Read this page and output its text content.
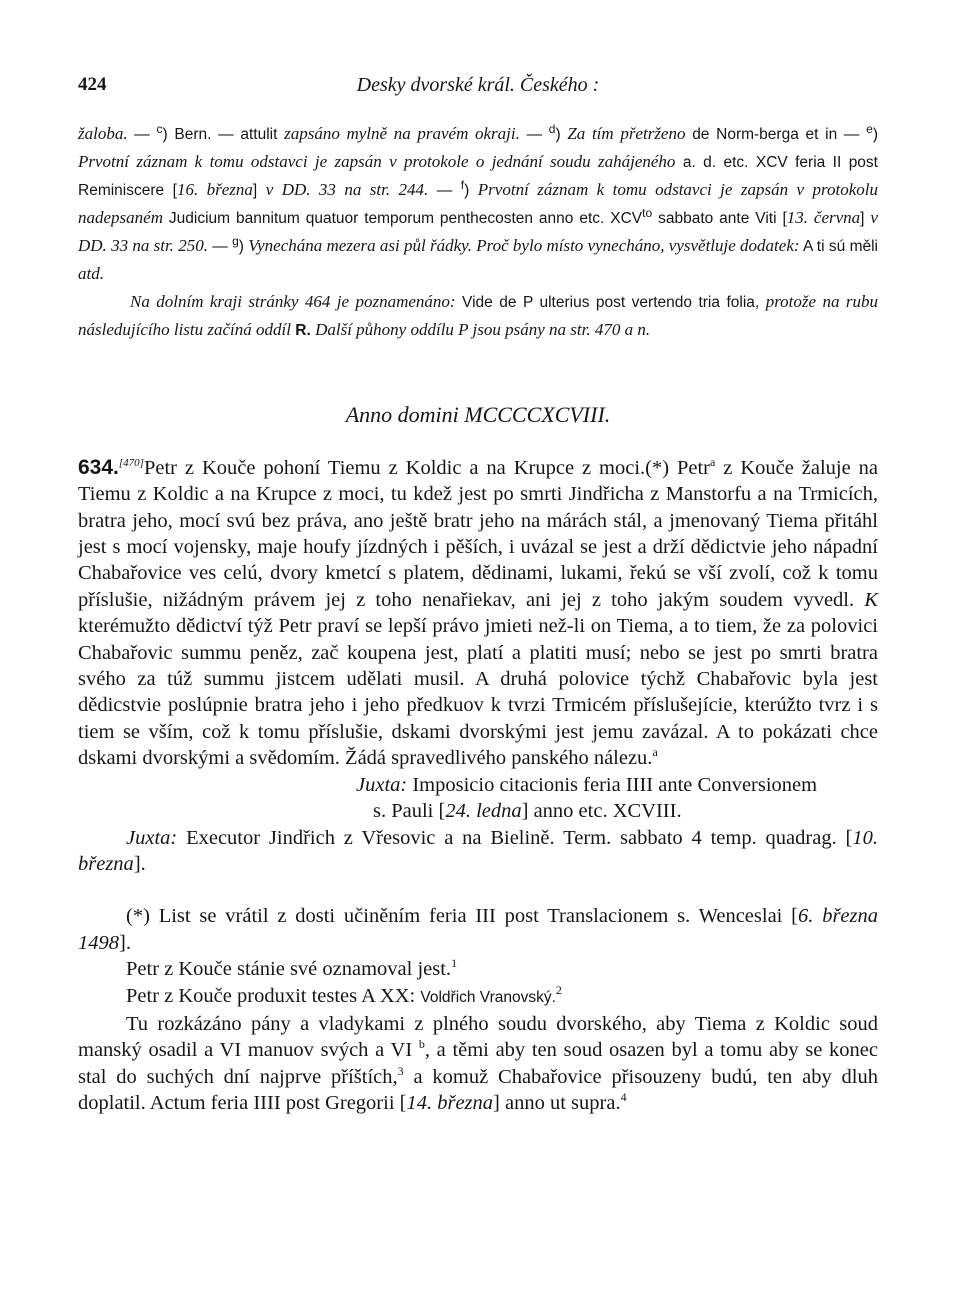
424	Desky dvorské král. Českého :

žaloba. — $^c$) Bern. — attulit zapsáno mylně na pravém okraji. — $^d$) Za tím přetrženo de Norm-berga et in — $^e$) Prvotní záznam k tomu odstavci je zapsán v protokole o jednání soudu zahájeného a. d. etc. XCV feria II post Reminiscere [16. března] v DD. 33 na str. 244. — $^f$) Prvotní záznam k tomu odstavci je zapsán v protokolu nadepsaném Judicium bannitum quatuor temporum penthecosten anno etc. $XCV^{to}$ sabbato ante Viti [13. června] v DD. 33 na str. 250. — $^g$) Vynechána mezera asi půl řádky. Proč bylo místo vynecháno, vysvětluje dodatek: A ti sú měli atd.

Na dolním kraji stránky 464 je poznamenáno: Vide de P ulterius post vertendo tria folia, protože na rubu následujícího listu začíná oddíl R. Další půhony oddílu P jsou psány na str. 470 a n.

Anno domini MCCCCXCVIII.

634.[470]Petr z Kouče pohoní Tiemu z Koldic a na Krupce z moci.(*) Petr$^a$ z Kouče žaluje na Tiemu z Koldic a na Krupce z moci, tu kdež jest po smrti Jindřicha z Manstorfu a na Trmicích, bratra jeho, mocí svú bez práva, ano ještě bratr jeho na márách stál, a jmenovaný Tiema přitáhl jest s mocí vojensky, maje houfy jízdných i pěších, i uvázal se jest a drží dědictvie jeho nápadní Chabařovice ves celú, dvory kmetcí s platem, dědinami, lukami, řekú se vší zvolí, což k tomu příslušie, nižádným právem jej z toho nenařiekav, ani jej z toho jakým soudem vyvedl. K kterémužto dědictví týž Petr praví se lepší právo jmieti než-li on Tiema, a to tiem, že za polovici Chabařovic summu peněz, zač koupena jest, platí a platiti musí; nebo se jest po smrti bratra svého za túž summu jistcem udělati musil. A druhá polovice týchž Chabařovic byla jest dědicstvie poslúpnie bratra jeho i jeho předkuov k tvrzi Trmicém příslušejície, kterúžto tvrz i s tiem se vším, což k tomu příslušie, dskami dvorskými jest jemu zavázal. A to pokázati chce dskami dvorskými a svědomím. Žádá spravedlivého panského nálezu.$^a$

Juxta: Imposicio citacionis feria IIII ante Conversionem

s. Pauli [24. ledna] anno etc. XCVIII.

Juxta: Executor Jindřich z Vřesovic a na Bielině. Term. sabbato 4 temp. quadrag. [10. března].

(*) List se vrátil z dosti učiněním feria III post Translacionem s. Wenceslai [6. března 1498].

Petr z Kouče stánie své oznamoval jest.$^1$

Petr z Kouče produxit testes A XX: Voldřich Vranovský.$^2$

Tu rozkázáno pány a vladykami z plného soudu dvorského, aby Tiema z Koldic soud manský osadil a VI manuov svých a VI $^b$, a těmi aby ten soud osazen byl a tomu aby se konec stal do suchých dní najprve příštích,$^3$ a komuž Chabařovice přisouzeny budú, ten aby dluh doplatil. Actum feria IIII post Gregorii [14. března] anno ut supra.$^4$
